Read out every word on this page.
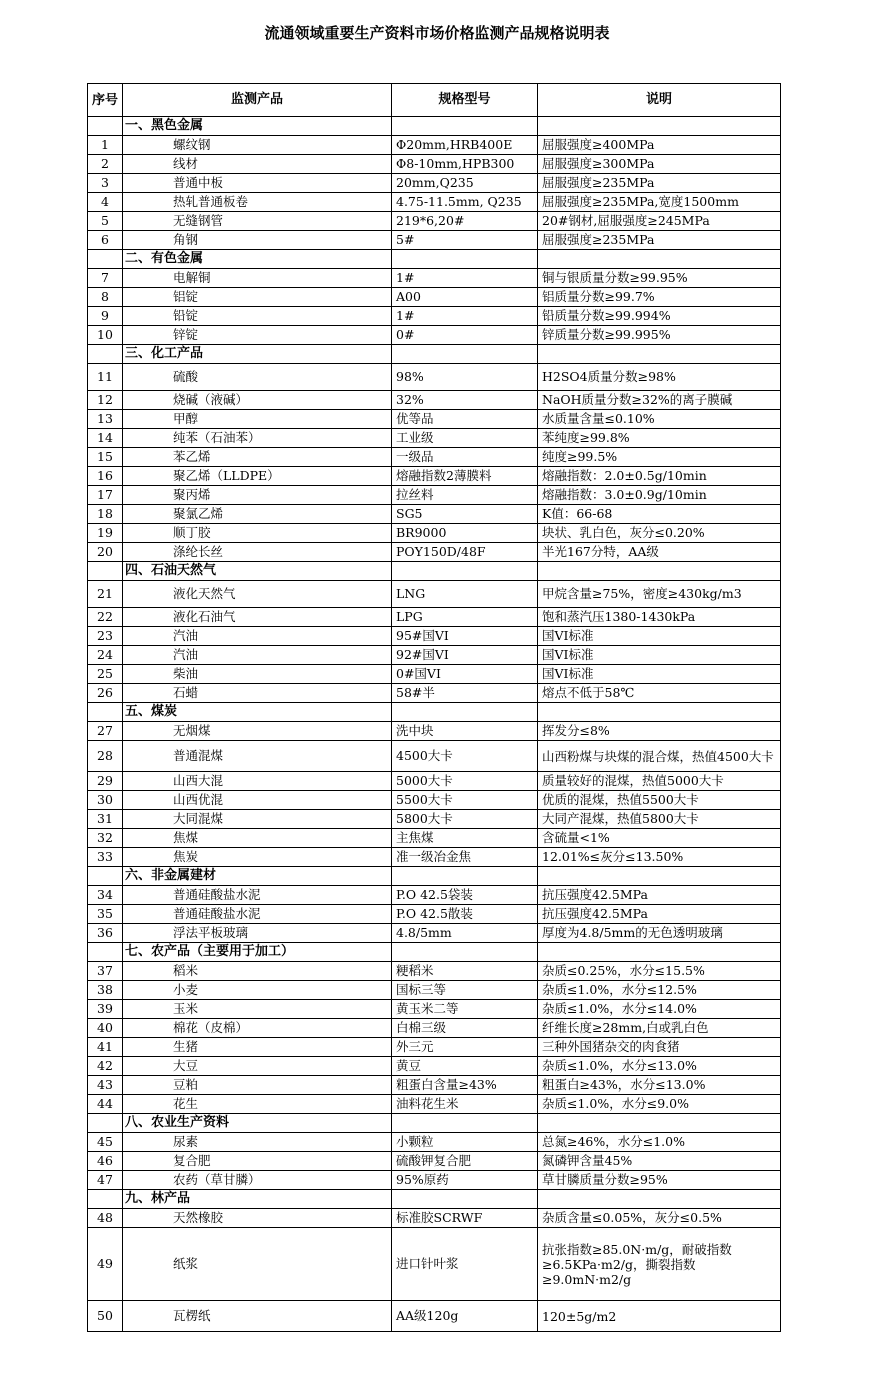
流通领域重要生产资料市场价格监测产品规格说明表
序号	监测产品	规格型号	说明
	一、黑色金属		
1	螺纹钢	Φ20mm,HRB400E	屈服强度≥400MPa
2	线材	Φ8-10mm,HPB300	屈服强度≥300MPa
3	普通中板	20mm,Q235	屈服强度≥235MPa
4	热轧普通板卷	4.75-11.5mm, Q235	屈服强度≥235MPa,宽度1500mm
5	无缝钢管	219*6,20#	20#钢材,屈服强度≥245MPa
6	角钢	5#	屈服强度≥235MPa
	二、有色金属		
7	电解铜	1#	铜与银质量分数≥99.95%
8	铝锭	A00	铝质量分数≥99.7%
9	铅锭	1#	铅质量分数≥99.994%
10	锌锭	0#	锌质量分数≥99.995%
	三、化工产品		
11	硫酸	98%	H2SO4质量分数≥98%
12	烧碱（液碱）	32%	NaOH质量分数≥32%的离子膜碱
13	甲醇	优等品	水质量含量≤0.10%
14	纯苯（石油苯）	工业级	苯纯度≥99.8%
15	苯乙烯	一级品	纯度≥99.5%
16	聚乙烯（LLDPE）	熔融指数2薄膜料	熔融指数：2.0±0.5g/10min
17	聚丙烯	拉丝料	熔融指数：3.0±0.9g/10min
18	聚氯乙烯	SG5	K值：66-68
19	顺丁胶	BR9000	块状、乳白色，灰分≤0.20%
20	涤纶长丝	POY150D/48F	半光167分特，AA级
	四、石油天然气		
21	液化天然气	LNG	甲烷含量≥75%，密度≥430kg/m3
22	液化石油气	LPG	饱和蒸汽压1380-1430kPa
23	汽油	95#国VI	国VI标准
24	汽油	92#国VI	国VI标准
25	柴油	0#国VI	国VI标准
26	石蜡	58#半	熔点不低于58℃
	五、煤炭		
27	无烟煤	洗中块	挥发分≤8%
28	普通混煤	4500大卡	山西粉煤与块煤的混合煤，热值4500大卡
29	山西大混	5000大卡	质量较好的混煤，热值5000大卡
30	山西优混	5500大卡	优质的混煤，热值5500大卡
31	大同混煤	5800大卡	大同产混煤，热值5800大卡
32	焦煤	主焦煤	含硫量<1%
33	焦炭	准一级冶金焦	12.01%≤灰分≤13.50%
	六、非金属建材		
34	普通硅酸盐水泥	P.O 42.5袋装	抗压强度42.5MPa
35	普通硅酸盐水泥	P.O 42.5散装	抗压强度42.5MPa
36	浮法平板玻璃	4.8/5mm	厚度为4.8/5mm的无色透明玻璃
	七、农产品（主要用于加工）		
37	稻米	粳稻米	杂质≤0.25%，水分≤15.5%
38	小麦	国标三等	杂质≤1.0%，水分≤12.5%
39	玉米	黄玉米二等	杂质≤1.0%，水分≤14.0%
40	棉花（皮棉）	白棉三级	纤维长度≥28mm,白或乳白色
41	生猪	外三元	三种外国猪杂交的肉食猪
42	大豆	黄豆	杂质≤1.0%，水分≤13.0%
43	豆粕	粗蛋白含量≥43%	粗蛋白≥43%，水分≤13.0%
44	花生	油料花生米	杂质≤1.0%，水分≤9.0%
	八、农业生产资料		
45	尿素	小颗粒	总氮≥46%，水分≤1.0%
46	复合肥	硫酸钾复合肥	氮磷钾含量45%
47	农药（草甘膦）	95%原药	草甘膦质量分数≥95%
	九、林产品		
48	天然橡胶	标准胶SCRWF	杂质含量≤0.05%，灰分≤0.5%
49	纸浆	进口针叶浆	抗张指数≥85.0N·m/g，耐破指数≥6.5KPa·m2/g，撕裂指数≥9.0mN·m2/g
50	瓦楞纸	AA级120g	120±5g/m2
